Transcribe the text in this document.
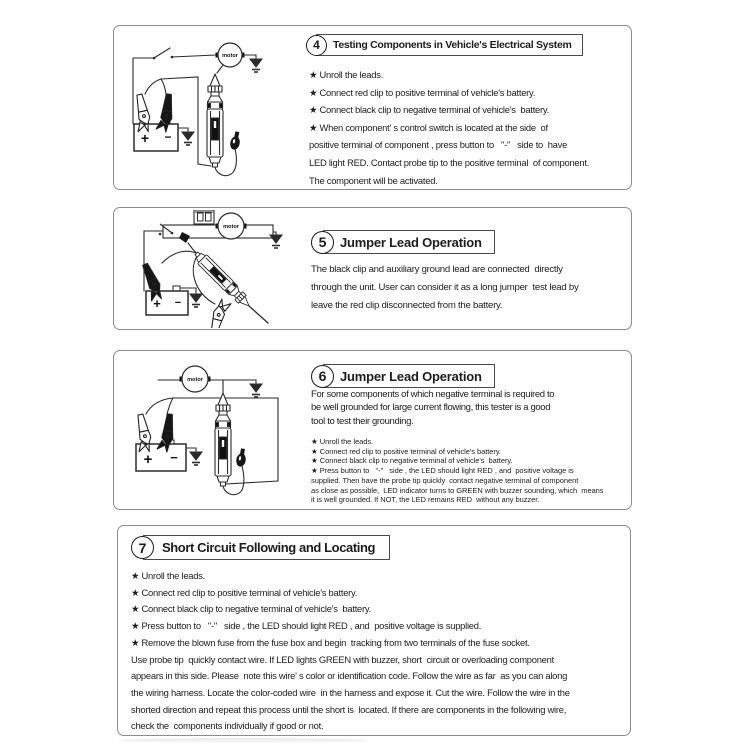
motor
+ −
4	Testing Components in Vehicle's Electrical System
★ Unroll the leads.
★ Connect red clip to positive terminal of vehicle's battery.
★ Connect black clip to negative terminal of vehicle's  battery.
★ When component' s control switch is located at the side  of
positive terminal of component , press button to   "-"   side to  have
LED light RED. Contact probe tip to the positive terminal  of component.
The component will be activated.
motor
+ −
5	Jumper Lead Operation
The black clip and auxiliary ground lead are connected  directly
through the unit. User can consider it as a long jumper  test lead by
leave the red clip disconnected from the battery.
motor
+ −
6	Jumper Lead Operation
For some components of which negative terminal is required to
be well grounded for large current flowing, this tester is a good
tool to test their grounding.
★ Unroll the leads.
★ Connect red clip to positive terminal of vehicle's battery.
★ Connect black clip to negative terminal of vehicle's  battery.
★ Press button to   "-"   side , the LED should light RED , and  positive voltage is
supplied. Then have the probe tip quickly  contact negative terminal of component
as close as possible,  LED indicator turns to GREEN with buzzer sounding, which  means
it is well grounded. If NOT, the LED remains RED  without any buzzer.
7	Short Circuit Following and Locating
★ Unroll the leads.
★ Connect red clip to positive terminal of vehicle's battery.
★ Connect black clip to negative terminal of vehicle's  battery.
★ Press button to   "-"   side , the LED should light RED , and  positive voltage is supplied.
★ Remove the blown fuse from the fuse box and begin  tracking from two terminals of the fuse socket.
Use probe tip  quickly contact wire. If LED lights GREEN with buzzer, short  circuit or overloading component
appears in this side. Please  note this wire' s color or identification code. Follow the wire as far  as you can along
the wiring harness. Locate the color-coded wire  in the harness and expose it. Cut the wire. Follow the wire in the
shorted direction and repeat this process until the short is  located. If there are components in the following wire,
check the  components individually if good or not.
